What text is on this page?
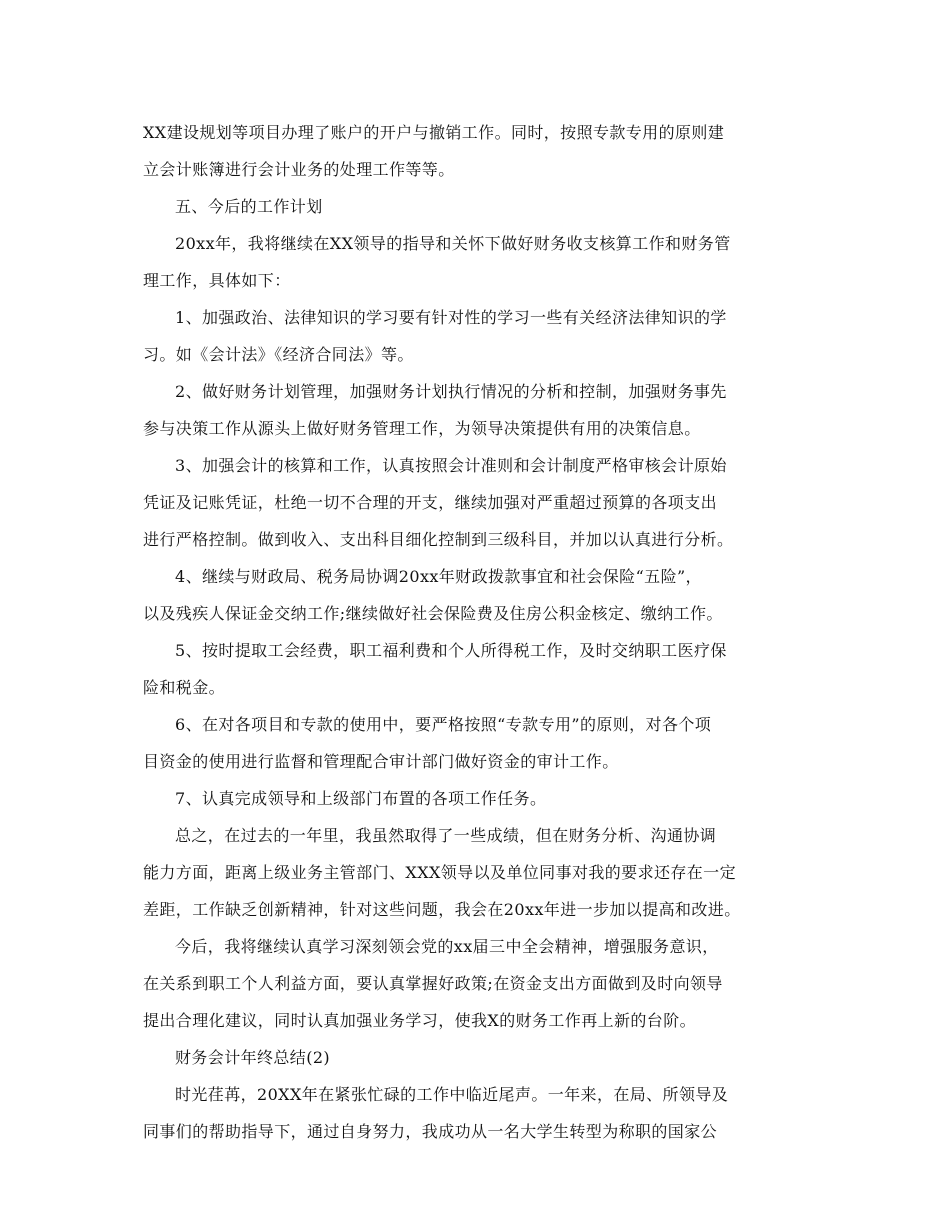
XX建设规划等项目办理了账户的开户与撤销工作。同时，按照专款专用的原则建
立会计账簿进行会计业务的处理工作等等。
五、今后的工作计划
20xx年，我将继续在XX领导的指导和关怀下做好财务收支核算工作和财务管
理工作，具体如下：
1、加强政治、法律知识的学习要有针对性的学习一些有关经济法律知识的学
习。如《会计法》《经济合同法》等。
2、做好财务计划管理，加强财务计划执行情况的分析和控制，加强财务事先
参与决策工作从源头上做好财务管理工作，为领导决策提供有用的决策信息。
3、加强会计的核算和工作，认真按照会计准则和会计制度严格审核会计原始
凭证及记账凭证，杜绝一切不合理的开支，继续加强对严重超过预算的各项支出
进行严格控制。做到收入、支出科目细化控制到三级科目，并加以认真进行分析。
4、继续与财政局、税务局协调20xx年财政拨款事宜和社会保险“五险”，
以及残疾人保证金交纳工作;继续做好社会保险费及住房公积金核定、缴纳工作。
5、按时提取工会经费，职工福利费和个人所得税工作，及时交纳职工医疗保
险和税金。
6、在对各项目和专款的使用中，要严格按照“专款专用”的原则，对各个项
目资金的使用进行监督和管理配合审计部门做好资金的审计工作。
7、认真完成领导和上级部门布置的各项工作任务。
总之，在过去的一年里，我虽然取得了一些成绩，但在财务分析、沟通协调
能力方面，距离上级业务主管部门、XXX领导以及单位同事对我的要求还存在一定
差距，工作缺乏创新精神，针对这些问题，我会在20xx年进一步加以提高和改进。
今后，我将继续认真学习深刻领会党的xx届三中全会精神，增强服务意识，
在关系到职工个人利益方面，要认真掌握好政策;在资金支出方面做到及时向领导
提出合理化建议，同时认真加强业务学习，使我X的财务工作再上新的台阶。
财务会计年终总结(2)
时光荏苒，20XX年在紧张忙碌的工作中临近尾声。一年来，在局、所领导及
同事们的帮助指导下，通过自身努力，我成功从一名大学生转型为称职的国家公
